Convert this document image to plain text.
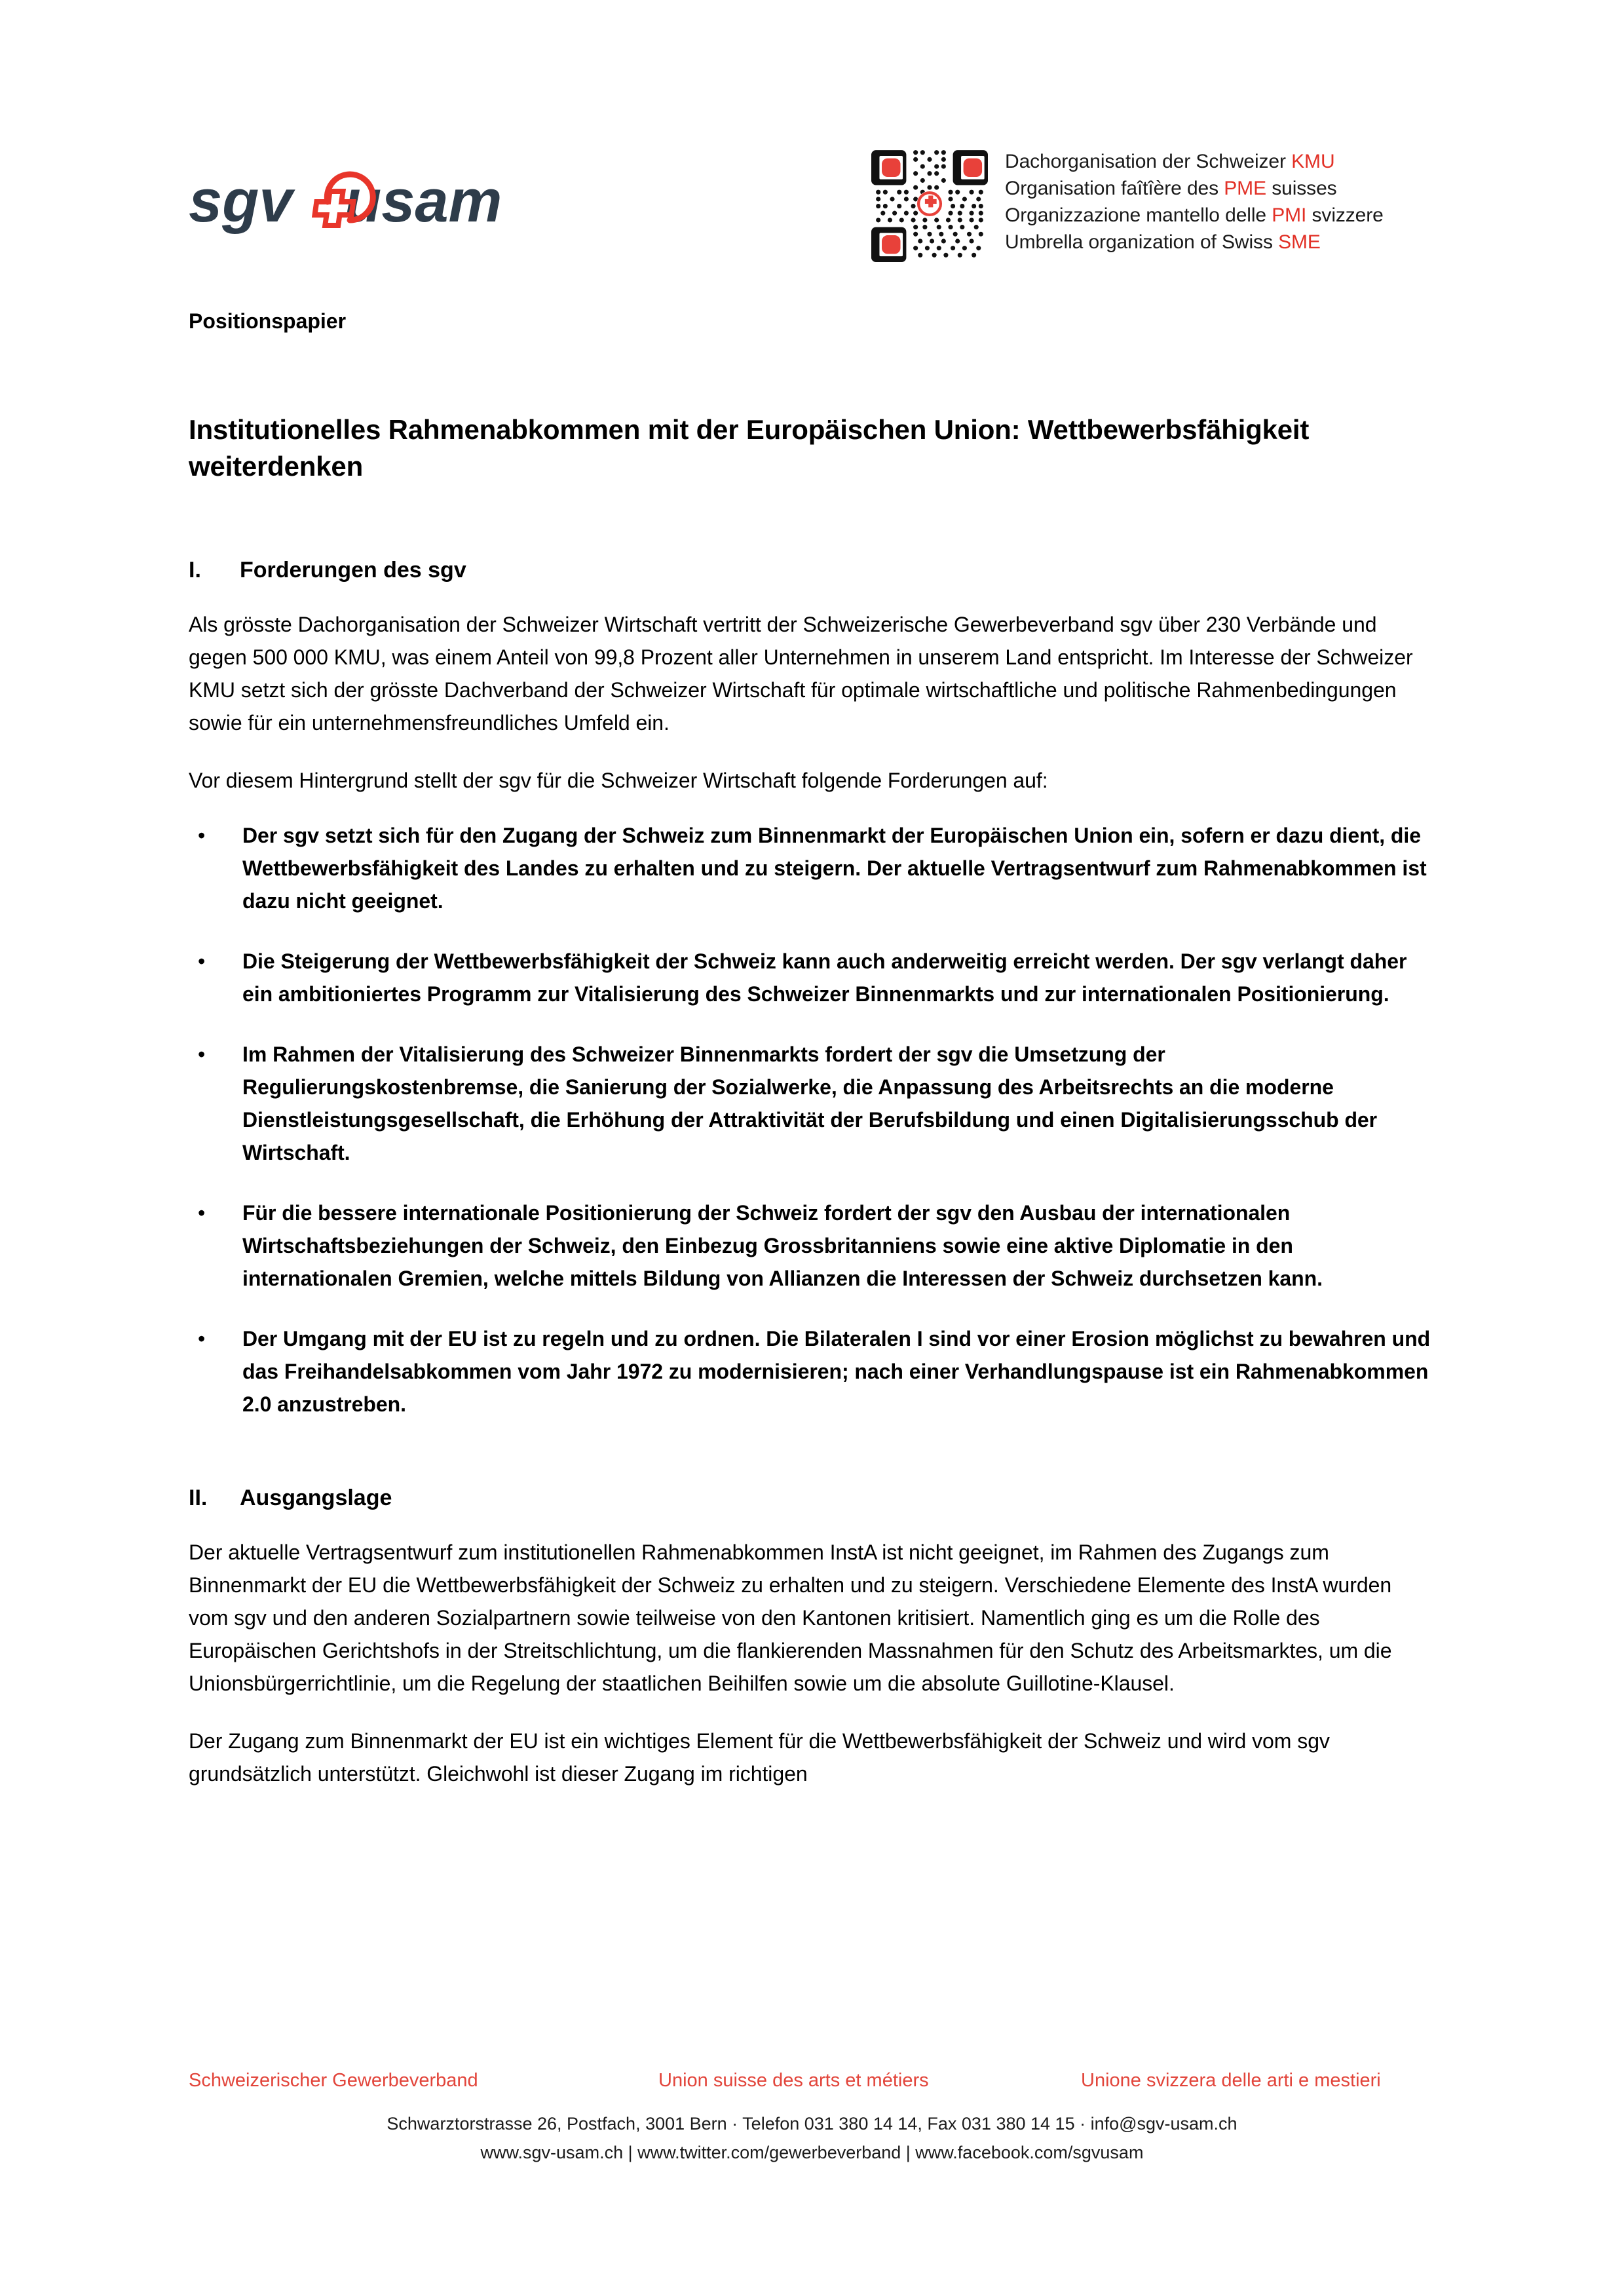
sgv usam
Dachorganisation der Schweizer KMU
Organisation faîtîère des PME suisses
Organizzazione mantello delle PMI svizzere
Umbrella organization of Swiss SME
Positionspapier
Institutionelles Rahmenabkommen mit der Europäischen Union: Wettbewerbsfähigkeit weiterdenken
I.	Forderungen des sgv

Als grösste Dachorganisation der Schweizer Wirtschaft vertritt der Schweizerische Gewerbeverband sgv über 230 Verbände und gegen 500 000 KMU, was einem Anteil von 99,8 Prozent aller Unternehmen in unserem Land entspricht. Im Interesse der Schweizer KMU setzt sich der grösste Dachverband der Schweizer Wirtschaft für optimale wirtschaftliche und politische Rahmenbedingungen sowie für ein unternehmensfreundliches Umfeld ein.

Vor diesem Hintergrund stellt der sgv für die Schweizer Wirtschaft folgende Forderungen auf:

• Der sgv setzt sich für den Zugang der Schweiz zum Binnenmarkt der Europäischen Union ein, sofern er dazu dient, die Wettbewerbsfähigkeit des Landes zu erhalten und zu steigern. Der aktuelle Vertragsentwurf zum Rahmenabkommen ist dazu nicht geeignet.
• Die Steigerung der Wettbewerbsfähigkeit der Schweiz kann auch anderweitig erreicht werden. Der sgv verlangt daher ein ambitioniertes Programm zur Vitalisierung des Schweizer Binnenmarkts und zur internationalen Positionierung.
• Im Rahmen der Vitalisierung des Schweizer Binnenmarkts fordert der sgv die Umsetzung der Regulierungskostenbremse, die Sanierung der Sozialwerke, die Anpassung des Arbeitsrechts an die moderne Dienstleistungsgesellschaft, die Erhöhung der Attraktivität der Berufsbildung und einen Digitalisierungsschub der Wirtschaft.
• Für die bessere internationale Positionierung der Schweiz fordert der sgv den Ausbau der internationalen Wirtschaftsbeziehungen der Schweiz, den Einbezug Grossbritanniens sowie eine aktive Diplomatie in den internationalen Gremien, welche mittels Bildung von Allianzen die Interessen der Schweiz durchsetzen kann.
• Der Umgang mit der EU ist zu regeln und zu ordnen. Die Bilateralen I sind vor einer Erosion möglichst zu bewahren und das Freihandelsabkommen vom Jahr 1972 zu modernisieren; nach einer Verhandlungspause ist ein Rahmenabkommen 2.0 anzustreben.
II.	Ausgangslage

Der aktuelle Vertragsentwurf zum institutionellen Rahmenabkommen InstA ist nicht geeignet, im Rahmen des Zugangs zum Binnenmarkt der EU die Wettbewerbsfähigkeit der Schweiz zu erhalten und zu steigern. Verschiedene Elemente des InstA wurden vom sgv und den anderen Sozialpartnern sowie teilweise von den Kantonen kritisiert. Namentlich ging es um die Rolle des Europäischen Gerichtshofs in der Streitschlichtung, um die flankierenden Massnahmen für den Schutz des Arbeitsmarktes, um die Unionsbürgerrichtlinie, um die Regelung der staatlichen Beihilfen sowie um die absolute Guillotine-Klausel.

Der Zugang zum Binnenmarkt der EU ist ein wichtiges Element für die Wettbewerbsfähigkeit der Schweiz und wird vom sgv grundsätzlich unterstützt. Gleichwohl ist dieser Zugang im richtigen

Schweizerischer Gewerbeverband	Union suisse des arts et métiers	Unione svizzera delle arti e mestieri
Schwarztorstrasse 26, Postfach, 3001 Bern · Telefon 031 380 14 14, Fax 031 380 14 15 · info@sgv-usam.ch
www.sgv-usam.ch | www.twitter.com/gewerbeverband | www.facebook.com/sgvusam
